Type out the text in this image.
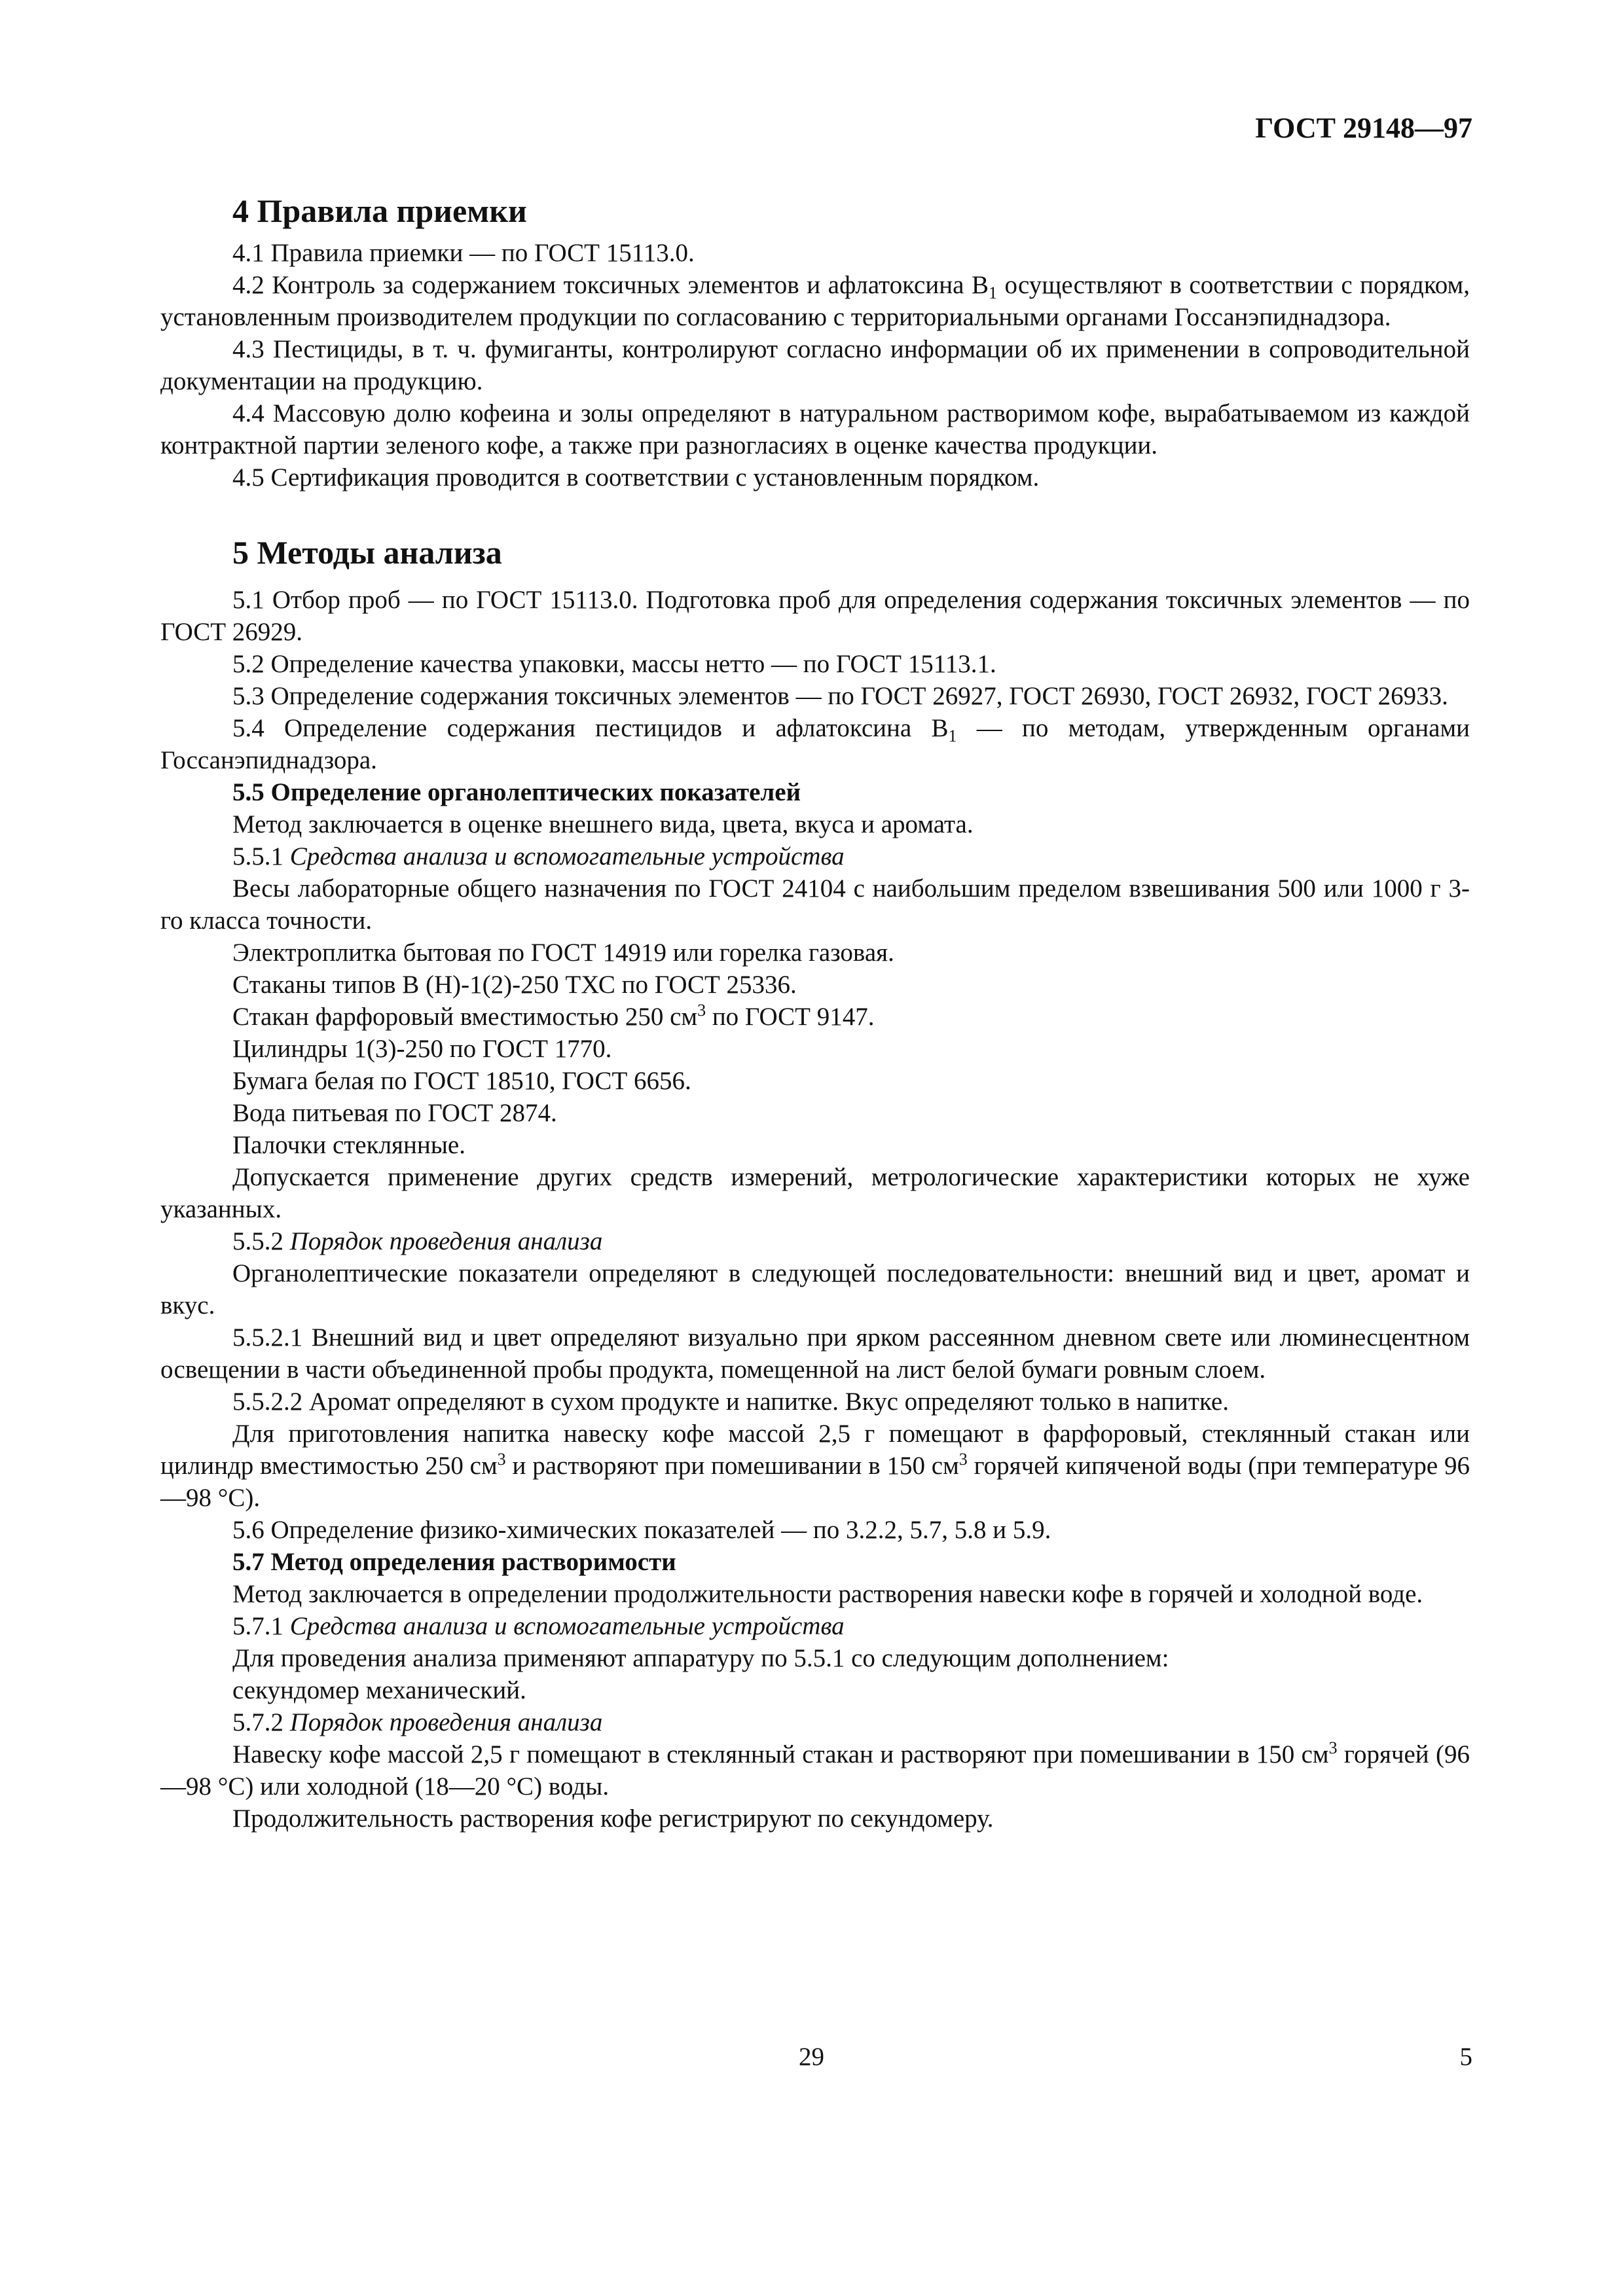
ГОСТ 29148—97
4 Правила приемки

4.1 Правила приемки — по ГОСТ 15113.0.

4.2 Контроль за содержанием токсичных элементов и афлатоксина $В_1$ осуществляют в соответствии с порядком, установленным производителем продукции по согласованию с территориальными органами Госсанэпиднадзора.

4.3 Пестициды, в т. ч. фумиганты, контролируют согласно информации об их применении в сопроводительной документации на продукцию.

4.4 Массовую долю кофеина и золы определяют в натуральном растворимом кофе, вырабатываемом из каждой контрактной партии зеленого кофе, а также при разногласиях в оценке качества продукции.

4.5 Сертификация проводится в соответствии с установленным порядком.

5 Методы анализа

5.1 Отбор проб — по ГОСТ 15113.0. Подготовка проб для определения содержания токсичных элементов — по ГОСТ 26929.

5.2 Определение качества упаковки, массы нетто — по ГОСТ 15113.1.

5.3 Определение содержания токсичных элементов — по ГОСТ 26927, ГОСТ 26930, ГОСТ 26932, ГОСТ 26933.

5.4 Определение содержания пестицидов и афлатоксина $В_1$ — по методам, утвержденным органами Госсанэпиднадзора.

5.5 Определение органолептических показателей

Метод заключается в оценке внешнего вида, цвета, вкуса и аромата.

5.5.1 Средства анализа и вспомогательные устройства

Весы лабораторные общего назначения по ГОСТ 24104 с наибольшим пределом взвешивания 500 или 1000 г 3-го класса точности.

Электроплитка бытовая по ГОСТ 14919 или горелка газовая.

Стаканы типов В (Н)-1(2)-250 ТХС по ГОСТ 25336.

Стакан фарфоровый вместимостью 250 $см^3$ по ГОСТ 9147.

Цилиндры 1(3)-250 по ГОСТ 1770.

Бумага белая по ГОСТ 18510, ГОСТ 6656.

Вода питьевая по ГОСТ 2874.

Палочки стеклянные.

Допускается применение других средств измерений, метрологические характеристики которых не хуже указанных.

5.5.2 Порядок проведения анализа

Органолептические показатели определяют в следующей последовательности: внешний вид и цвет, аромат и вкус.

5.5.2.1 Внешний вид и цвет определяют визуально при ярком рассеянном дневном свете или люминесцентном освещении в части объединенной пробы продукта, помещенной на лист белой бумаги ровным слоем.

5.5.2.2 Аромат определяют в сухом продукте и напитке. Вкус определяют только в напитке.

Для приготовления напитка навеску кофе массой 2,5 г помещают в фарфоровый, стеклянный стакан или цилиндр вместимостью 250 $см^3$ и растворяют при помешивании в 150 $см^3$ горячей кипяченой воды (при температуре 96—98 °С).

5.6 Определение физико-химических показателей — по 3.2.2, 5.7, 5.8 и 5.9.

5.7 Метод определения растворимости

Метод заключается в определении продолжительности растворения навески кофе в горячей и холодной воде.

5.7.1 Средства анализа и вспомогательные устройства

Для проведения анализа применяют аппаратуру по 5.5.1 со следующим дополнением:

секундомер механический.

5.7.2 Порядок проведения анализа

Навеску кофе массой 2,5 г помещают в стеклянный стакан и растворяют при помешивании в 150 $см^3$ горячей (96—98 °С) или холодной (18—20 °С) воды.

Продолжительность растворения кофе регистрируют по секундомеру.

29	5
